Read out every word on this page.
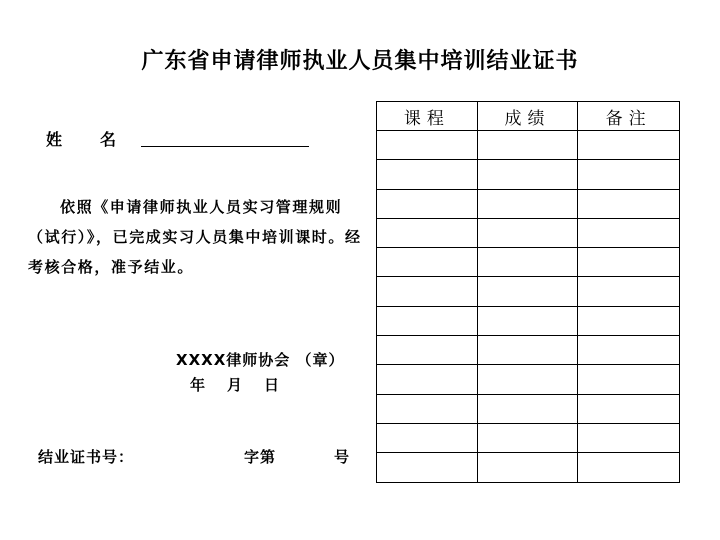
广东省申请律师执业人员集中培训结业证书
姓 名
依照《申请律师执业人员实习管理规则（试行）》，已完成实习人员集中培训课时。经考核合格，准予结业。
XXXX律师协会 （章）
年 月 日
结业证书号：	字第	号
课程	成绩	备注
